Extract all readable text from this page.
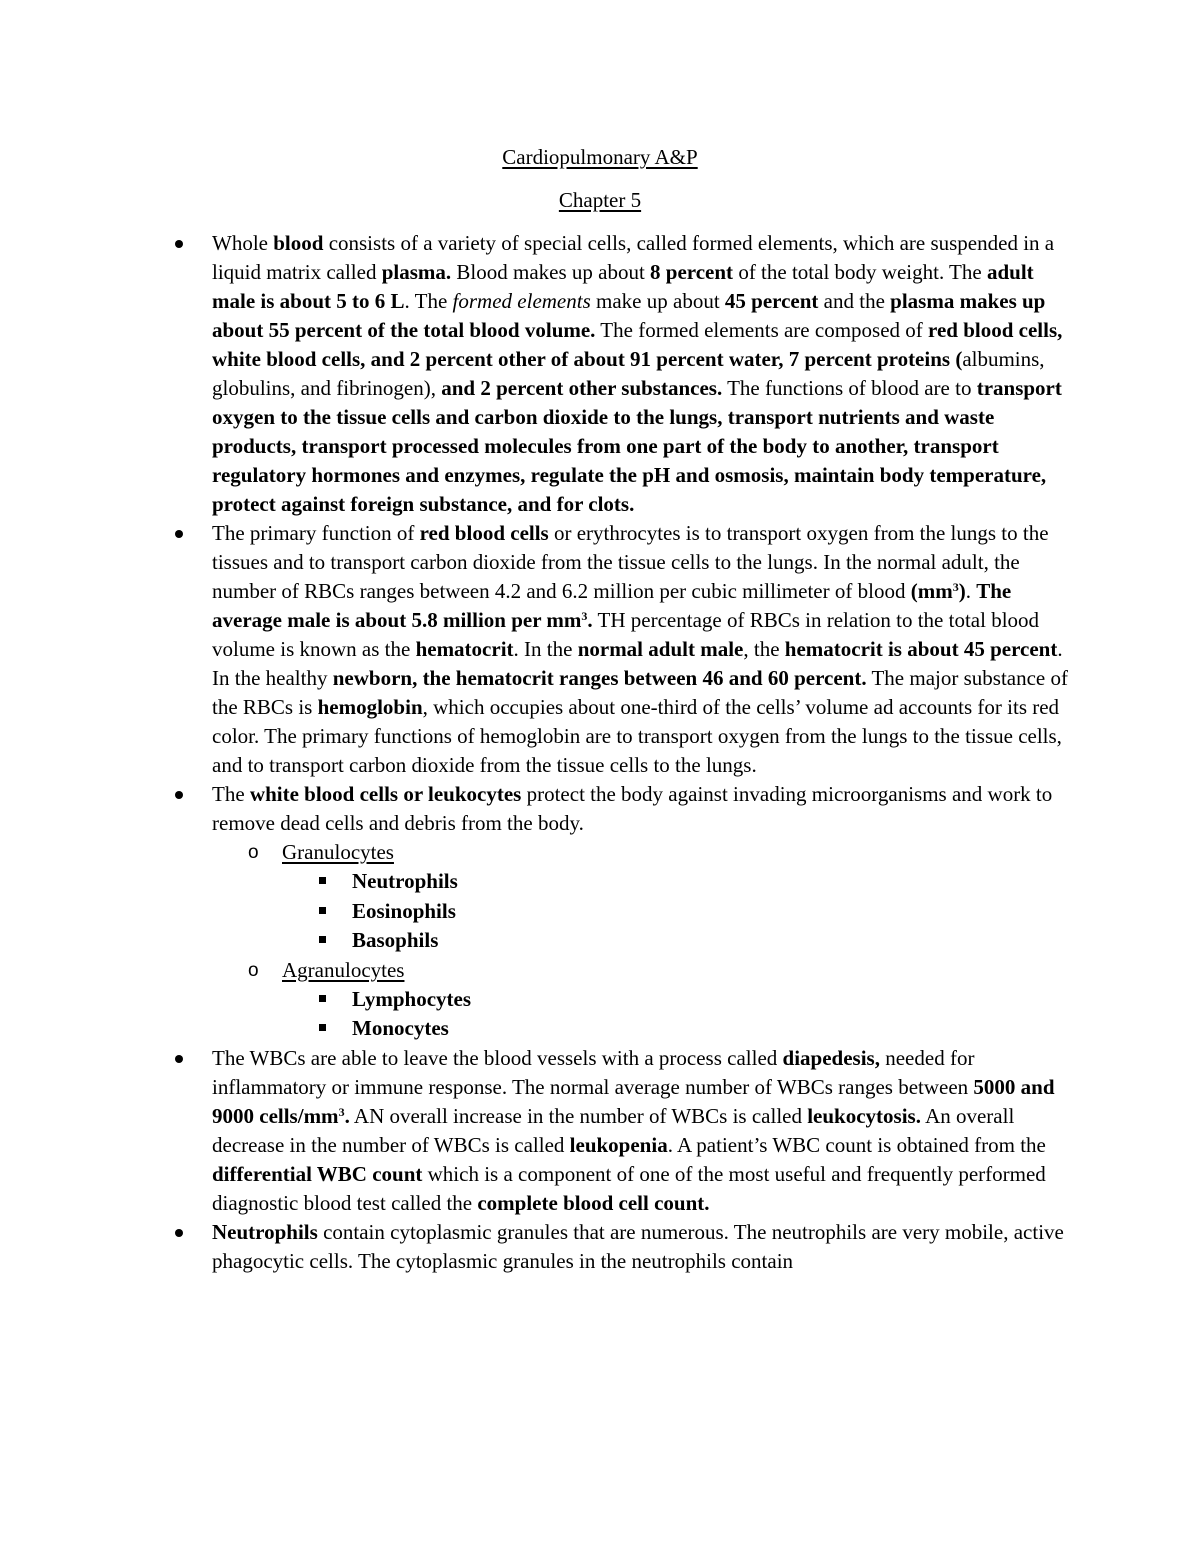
Cardiopulmonary A&P
Chapter 5
Whole blood consists of a variety of special cells, called formed elements, which are suspended in a liquid matrix called plasma. Blood makes up about 8 percent of the total body weight. The adult male is about 5 to 6 L. The formed elements make up about 45 percent and the plasma makes up about 55 percent of the total blood volume. The formed elements are composed of red blood cells, white blood cells, and 2 percent other of about 91 percent water, 7 percent proteins (albumins, globulins, and fibrinogen), and 2 percent other substances. The functions of blood are to transport oxygen to the tissue cells and carbon dioxide to the lungs, transport nutrients and waste products, transport processed molecules from one part of the body to another, transport regulatory hormones and enzymes, regulate the pH and osmosis, maintain body temperature, protect against foreign substance, and for clots.
The primary function of red blood cells or erythrocytes is to transport oxygen from the lungs to the tissues and to transport carbon dioxide from the tissue cells to the lungs. In the normal adult, the number of RBCs ranges between 4.2 and 6.2 million per cubic millimeter of blood $(mm^3)$. The average male is about 5.8 million per $mm^3$. TH percentage of RBCs in relation to the total blood volume is known as the hematocrit. In the normal adult male, the hematocrit is about 45 percent. In the healthy newborn, the hematocrit ranges between 46 and 60 percent. The major substance of the RBCs is hemoglobin, which occupies about one-third of the cells’ volume ad accounts for its red color. The primary functions of hemoglobin are to transport oxygen from the lungs to the tissue cells, and to transport carbon dioxide from the tissue cells to the lungs.
The white blood cells or leukocytes protect the body against invading microorganisms and work to remove dead cells and debris from the body.
o Granulocytes
Neutrophils
Eosinophils
Basophils
o Agranulocytes
Lymphocytes
Monocytes
The WBCs are able to leave the blood vessels with a process called diapedesis, needed for inflammatory or immune response. The normal average number of WBCs ranges between 5000 and 9000 cells/$mm^3$. AN overall increase in the number of WBCs is called leukocytosis. An overall decrease in the number of WBCs is called leukopenia. A patient’s WBC count is obtained from the differential WBC count which is a component of one of the most useful and frequently performed diagnostic blood test called the complete blood cell count.
Neutrophils contain cytoplasmic granules that are numerous. The neutrophils are very mobile, active phagocytic cells. The cytoplasmic granules in the neutrophils contain
